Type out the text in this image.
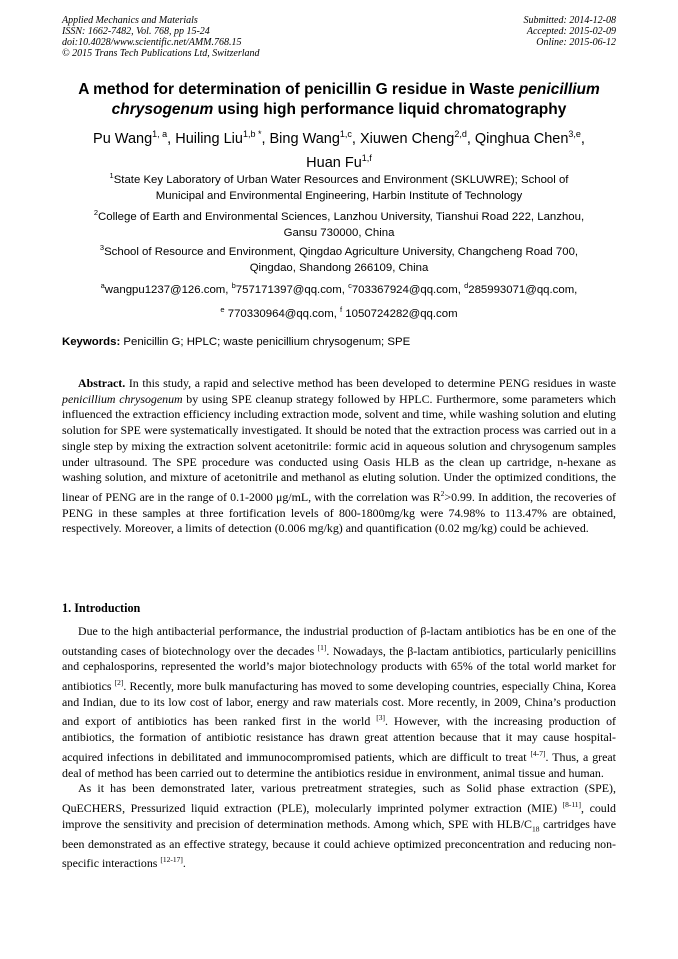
Applied Mechanics and Materials
ISSN: 1662-7482, Vol. 768, pp 15-24
doi:10.4028/www.scientific.net/AMM.768.15
© 2015 Trans Tech Publications Ltd, Switzerland
Submitted: 2014-12-08
Accepted: 2015-02-09
Online: 2015-06-12
A method for determination of penicillin G residue in Waste penicillium chrysogenum using high performance liquid chromatography
Pu Wang$^{1, a}$, Huiling Liu$^{1,b *}$, Bing Wang$^{1,c}$, Xiuwen Cheng$^{2,d}$, Qinghua Chen$^{3,e}$,
Huan Fu$^{1,f}$
$^1$State Key Laboratory of Urban Water Resources and Environment (SKLUWRE); School of
Municipal and Environmental Engineering, Harbin Institute of Technology
$^2$College of Earth and Environmental Sciences, Lanzhou University, Tianshui Road 222, Lanzhou,
Gansu 730000, China
$^3$School of Resource and Environment, Qingdao Agriculture University, Changcheng Road 700,
Qingdao, Shandong 266109, China
$^a$wangpu1237@126.com, $^b$757171397@qq.com, $^c$703367924@qq.com, $^d$285993071@qq.com,
$^e$ 770330964@qq.com, $^f$ 1050724282@qq.com
Keywords: Penicillin G; HPLC; waste penicillium chrysogenum; SPE

Abstract. In this study, a rapid and selective method has been developed to determine PENG residues in waste penicillium chrysogenum by using SPE cleanup strategy followed by HPLC. Furthermore, some parameters which influenced the extraction efficiency including extraction mode, solvent and time, while washing solution and eluting solution for SPE were systematically investigated. It should be noted that the extraction process was carried out in a single step by mixing the extraction solvent acetonitrile: formic acid in aqueous solution and chrysogenum samples under ultrasound. The SPE procedure was conducted using Oasis HLB as the clean up cartridge, n-hexane as washing solution, and mixture of acetonitrile and methanol as eluting solution. Under the optimized conditions, the linear of PENG are in the range of 0.1-2000 μg/mL, with the correlation was $R^2>0.99$. In addition, the recoveries of PENG in these samples at three fortification levels of 800-1800mg/kg were 74.98% to 113.47% are obtained, respectively. Moreover, a limits of detection (0.006 mg/kg) and quantification (0.02 mg/kg) could be achieved.

1. Introduction

Due to the high antibacterial performance, the industrial production of β-lactam antibiotics has be en one of the outstanding cases of biotechnology over the decades [1]. Nowadays, the β-lactam antibiotics, particularly penicillins and cephalosporins, represented the world’s major biotechnology products with 65% of the total world market for antibiotics [2]. Recently, more bulk manufacturing has moved to some developing countries, especially China, Korea and Indian, due to its low cost of labor, energy and raw materials cost. More recently, in 2009, China’s production and export of antibiotics has been ranked first in the world [3]. However, with the increasing production of antibiotics, the formation of antibiotic resistance has drawn great attention because that it may cause hospital-acquired infections in debilitated and immunocompromised patients, which are difficult to treat [4-7]. Thus, a great deal of method has been carried out to determine the antibiotics residue in environment, animal tissue and human.

As it has been demonstrated later, various pretreatment strategies, such as Solid phase extraction (SPE), QuECHERS, Pressurized liquid extraction (PLE), molecularly imprinted polymer extraction (MIE) [8-11], could improve the sensitivity and precision of determination methods. Among which, SPE with HLB/$C_{18}$ cartridges have been demonstrated as an effective strategy, because it could achieve optimized preconcentration and reducing non-specific interactions [12-17].
